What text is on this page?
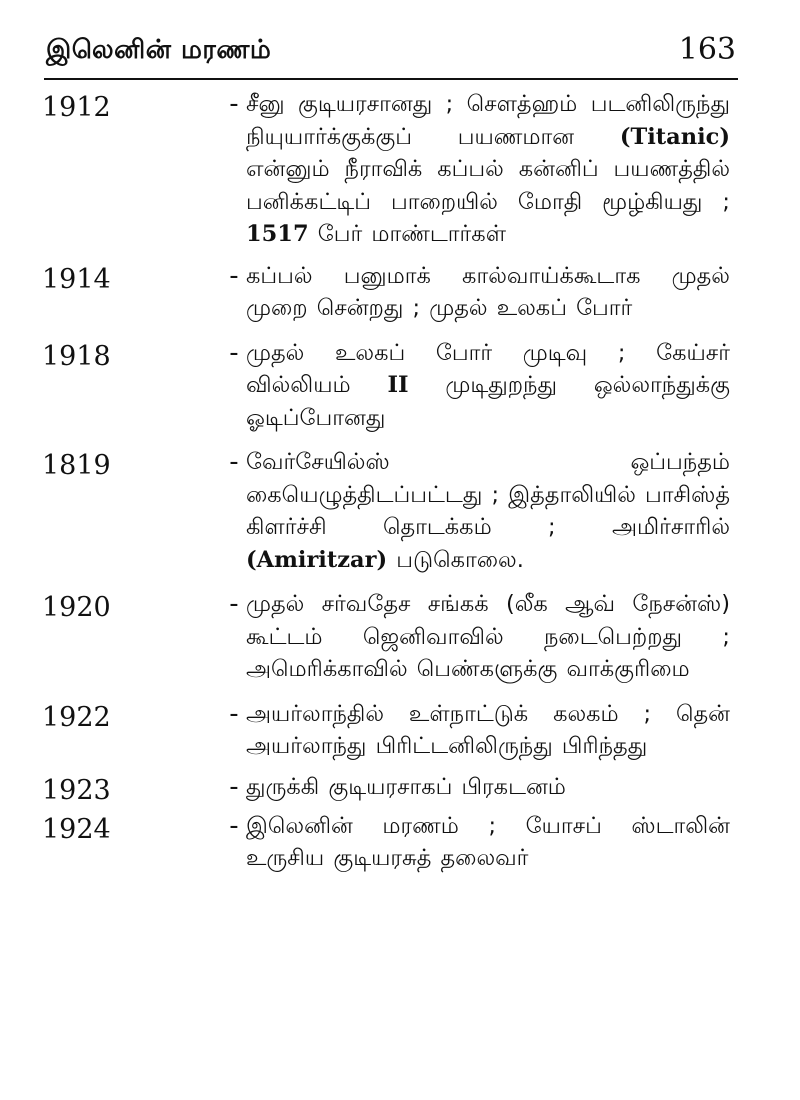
இலெனின் மரணம்	163
1912	- சீனு குடியரசானது ; சௌத்ஹம் படனிலிருந்து நியுயார்க்குக்குப் பயணமான (Titanic) என்னும் நீராவிக் கப்பல் கன்னிப் பயணத்தில் பனிக்கட்டிப் பாறையில் மோதி மூழ்கியது ; 1517 பேர் மாண்டார்கள்
1914	- கப்பல் பனுமாக் கால்வாய்க்கூடாக முதல் முறை சென்றது ; முதல் உலகப் போர்
1918	- முதல் உலகப் போர் முடிவு ; கேய்சர் வில்லியம் II முடிதுறந்து ஒல்லாந்துக்கு ஓடிப்போனது
1819	- வேர்சேயில்ஸ் ஒப்பந்தம் கையெழுத்திடப்பட்டது ; இத்தாலியில் பாசிஸ்த் கிளர்ச்சி தொடக்கம் ; அமிர்சாரில் (Amiritzar) படுகொலை.
1920	- முதல் சர்வதேச சங்கக் (லீக ஆவ் நேசன்ஸ்) கூட்டம் ஜெனிவாவில் நடைபெற்றது ; அமெரிக்காவில் பெண்களுக்கு வாக்குரிமை
1922	- அயர்லாந்தில் உள்நாட்டுக் கலகம் ; தென் அயர்லாந்து பிரிட்டனிலிருந்து பிரிந்தது
1923	- துருக்கி குடியரசாகப் பிரகடனம்
1924	- இலெனின் மரணம் ; யோசப் ஸ்டாலின் உருசிய குடியரசுத் தலைவர்
